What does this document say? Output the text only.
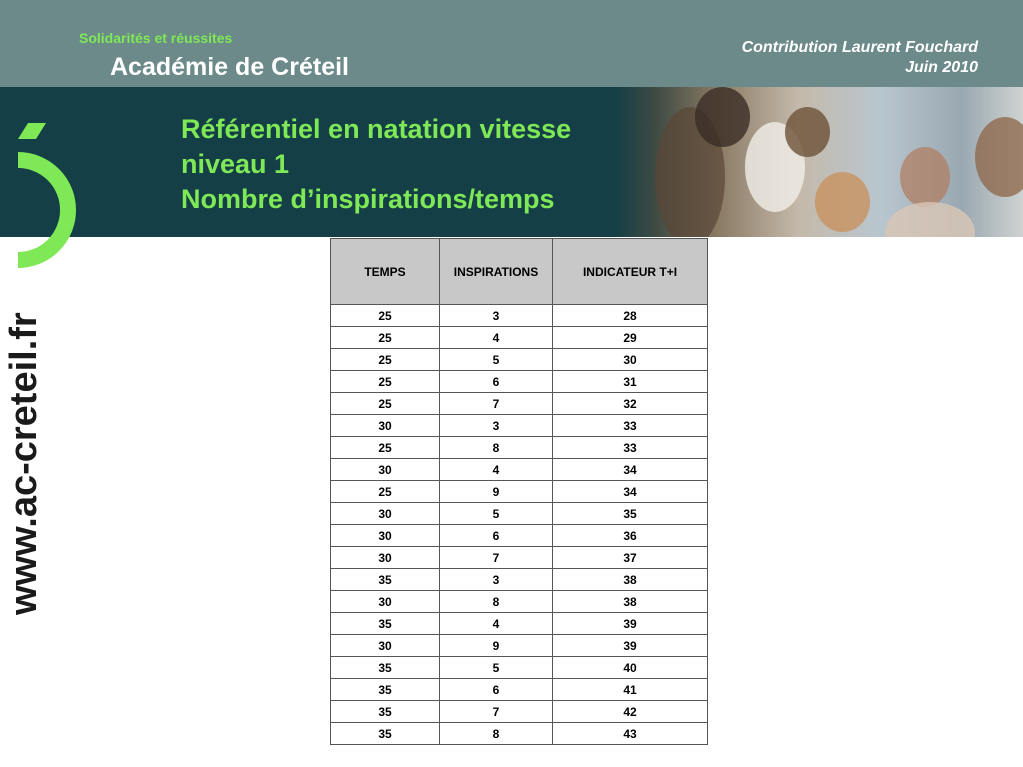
Solidarités et réussites
Académie de Créteil
Contribution Laurent Fouchard
Juin 2010
Référentiel en natation vitesse
niveau 1
Nombre d’inspirations/temps
www.ac-creteil.fr
TEMPS	INSPIRATIONS	INDICATEUR T+I
25	3	28
25	4	29
25	5	30
25	6	31
25	7	32
30	3	33
25	8	33
30	4	34
25	9	34
30	5	35
30	6	36
30	7	37
35	3	38
30	8	38
35	4	39
30	9	39
35	5	40
35	6	41
35	7	42
35	8	43
